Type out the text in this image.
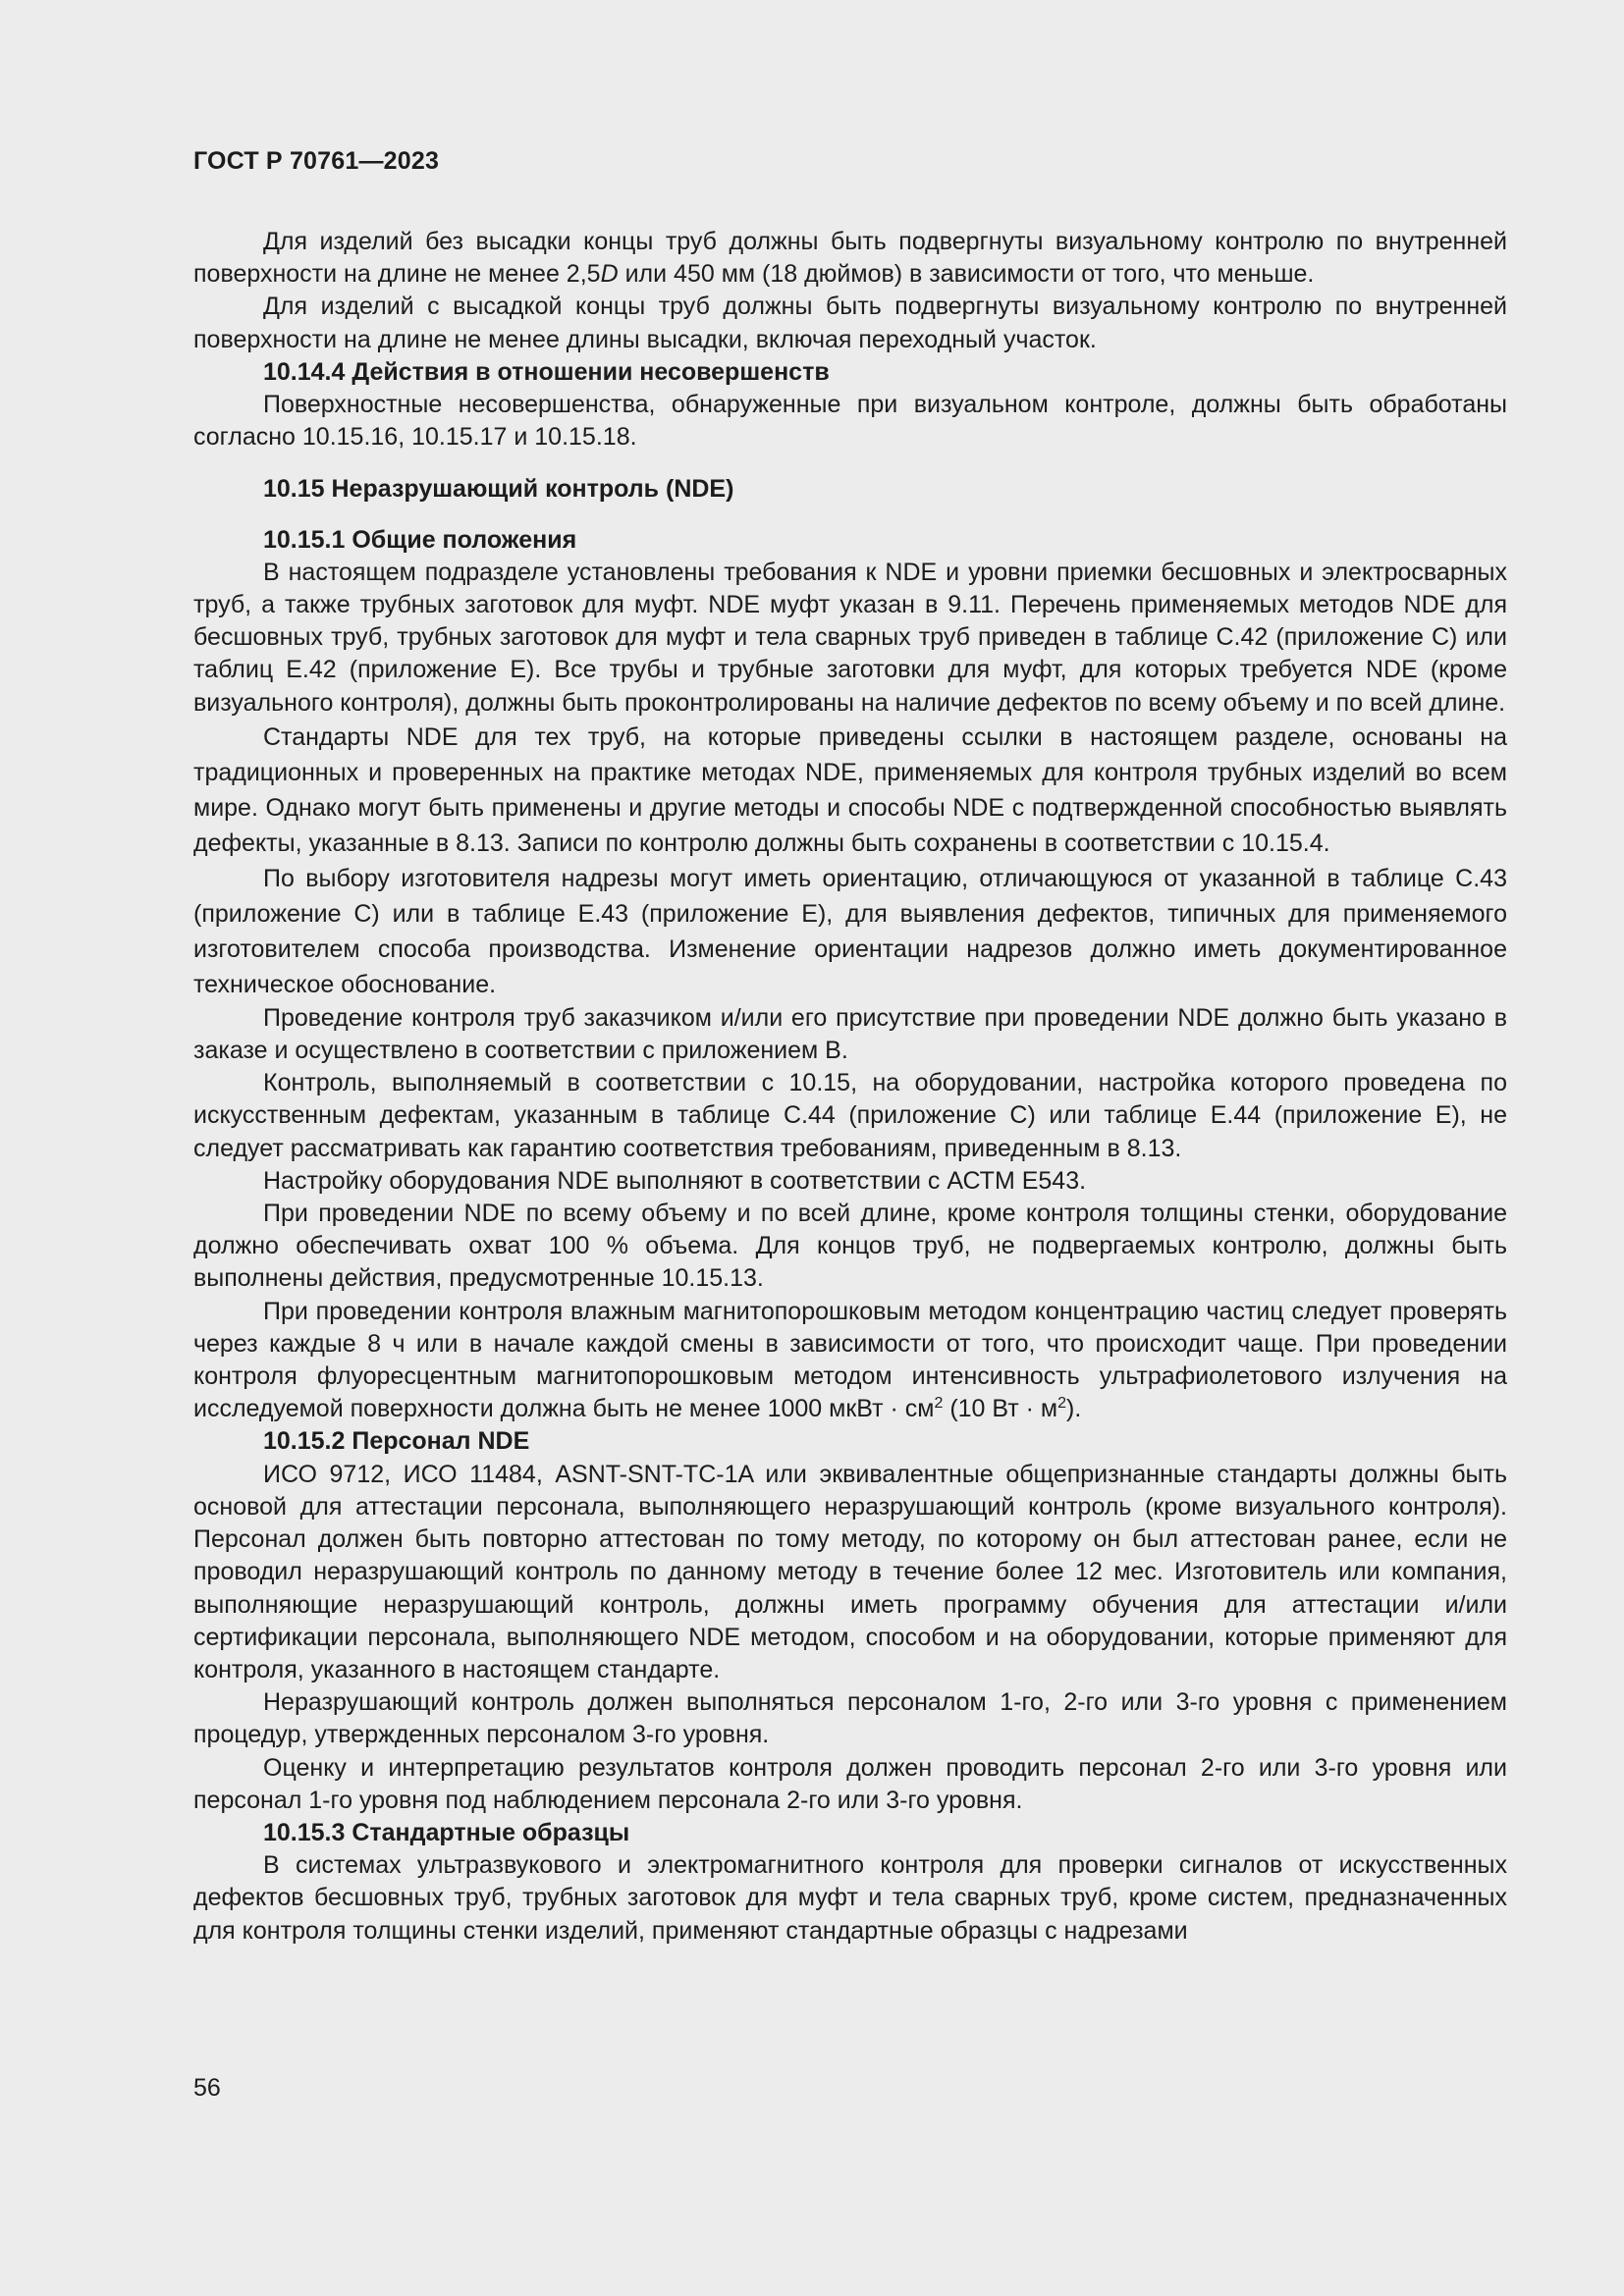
ГОСТ Р 70761—2023

Для изделий без высадки концы труб должны быть подвергнуты визуальному контролю по внутренней поверхности на длине не менее 2,5D или 450 мм (18 дюймов) в зависимости от того, что меньше.

Для изделий с высадкой концы труб должны быть подвергнуты визуальному контролю по внутренней поверхности на длине не менее длины высадки, включая переходный участок.

10.14.4 Действия в отношении несовершенств

Поверхностные несовершенства, обнаруженные при визуальном контроле, должны быть обработаны согласно 10.15.16, 10.15.17 и 10.15.18.

10.15 Неразрушающий контроль (NDE)

10.15.1 Общие положения

В настоящем подразделе установлены требования к NDE и уровни приемки бесшовных и электросварных труб, а также трубных заготовок для муфт. NDE муфт указан в 9.11. Перечень применяемых методов NDE для бесшовных труб, трубных заготовок для муфт и тела сварных труб приведен в таблице С.42 (приложение С) или таблиц Е.42 (приложение Е). Все трубы и трубные заготовки для муфт, для которых требуется NDE (кроме визуального контроля), должны быть проконтролированы на наличие дефектов по всему объему и по всей длине.

Стандарты NDE для тех труб, на которые приведены ссылки в настоящем разделе, основаны на традиционных и проверенных на практике методах NDE, применяемых для контроля трубных изделий во всем мире. Однако могут быть применены и другие методы и способы NDE с подтвержденной способностью выявлять дефекты, указанные в 8.13. Записи по контролю должны быть сохранены в соответствии с 10.15.4.

По выбору изготовителя надрезы могут иметь ориентацию, отличающуюся от указанной в таблице С.43 (приложение С) или в таблице Е.43 (приложение Е), для выявления дефектов, типичных для применяемого изготовителем способа производства. Изменение ориентации надрезов должно иметь документированное техническое обоснование.

Проведение контроля труб заказчиком и/или его присутствие при проведении NDE должно быть указано в заказе и осуществлено в соответствии с приложением В.

Контроль, выполняемый в соответствии с 10.15, на оборудовании, настройка которого проведена по искусственным дефектам, указанным в таблице С.44 (приложение С) или таблице Е.44 (приложение Е), не следует рассматривать как гарантию соответствия требованиям, приведенным в 8.13.

Настройку оборудования NDE выполняют в соответствии с АСТМ Е543.

При проведении NDE по всему объему и по всей длине, кроме контроля толщины стенки, оборудование должно обеспечивать охват 100 % объема. Для концов труб, не подвергаемых контролю, должны быть выполнены действия, предусмотренные 10.15.13.

При проведении контроля влажным магнитопорошковым методом концентрацию частиц следует проверять через каждые 8 ч или в начале каждой смены в зависимости от того, что происходит чаще. При проведении контроля флуоресцентным магнитопорошковым методом интенсивность ультрафиолетового излучения на исследуемой поверхности должна быть не менее 1000 мкВт · $см^2$ (10 Вт · $м^2$).

10.15.2 Персонал NDE

ИСО 9712, ИСО 11484, ASNT-SNT-TC-1A или эквивалентные общепризнанные стандарты должны быть основой для аттестации персонала, выполняющего неразрушающий контроль (кроме визуального контроля). Персонал должен быть повторно аттестован по тому методу, по которому он был аттестован ранее, если не проводил неразрушающий контроль по данному методу в течение более 12 мес. Изготовитель или компания, выполняющие неразрушающий контроль, должны иметь программу обучения для аттестации и/или сертификации персонала, выполняющего NDE методом, способом и на оборудовании, которые применяют для контроля, указанного в настоящем стандарте.

Неразрушающий контроль должен выполняться персоналом 1-го, 2-го или 3-го уровня с применением процедур, утвержденных персоналом 3-го уровня.

Оценку и интерпретацию результатов контроля должен проводить персонал 2-го или 3-го уровня или персонал 1-го уровня под наблюдением персонала 2-го или 3-го уровня.

10.15.3 Стандартные образцы

В системах ультразвукового и электромагнитного контроля для проверки сигналов от искусственных дефектов бесшовных труб, трубных заготовок для муфт и тела сварных труб, кроме систем, предназначенных для контроля толщины стенки изделий, применяют стандартные образцы с надрезами

56
